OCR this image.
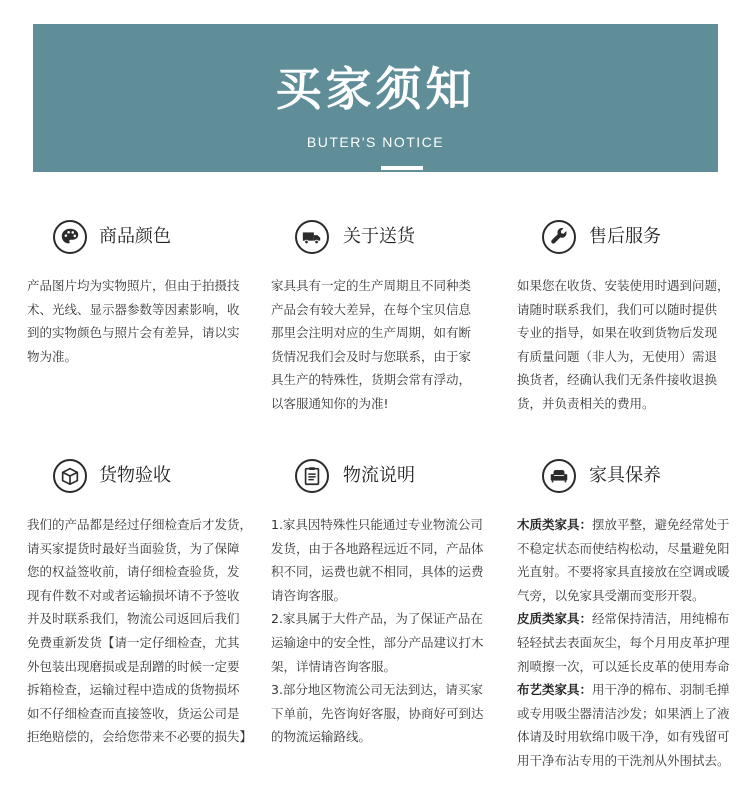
买家须知
BUTER'S NOTICE
商品颜色

产品图片均为实物照片，但由于拍摄技

术、光线、显示器参数等因素影响，收

到的实物颜色与照片会有差异，请以实

物为准。

关于送货

家具具有一定的生产周期且不同种类

产品会有较大差异，在每个宝贝信息

那里会注明对应的生产周期，如有断

货情况我们会及时与您联系，由于家

具生产的特殊性，货期会常有浮动，

以客服通知你的为准!

售后服务

如果您在收货、安装使用时遇到问题，

请随时联系我们，我们可以随时提供

专业的指导，如果在收到货物后发现

有质量问题（非人为，无使用）需退

换货者，经确认我们无条件接收退换

货，并负责相关的费用。

货物验收

我们的产品都是经过仔细检查后才发货，

请买家提货时最好当面验货，为了保障

您的权益签收前，请仔细检查验货，发

现有件数不对或者运输损坏请不予签收

并及时联系我们，物流公司返回后我们

免费重新发货【请一定仔细检查，尤其

外包装出现磨损或是刮蹭的时候一定要

拆箱检查，运输过程中造成的货物损坏

如不仔细检查而直接签收，货运公司是

拒绝赔偿的，会给您带来不必要的损失】

物流说明

1.家具因特殊性只能通过专业物流公司

发货，由于各地路程远近不同，产品体

积不同，运费也就不相同，具体的运费

请咨询客服。

2.家具属于大件产品，为了保证产品在

运输途中的安全性，部分产品建议打木

架，详情请咨询客服。

3.部分地区物流公司无法到达，请买家

下单前，先咨询好客服，协商好可到达

的物流运输路线。

家具保养

木质类家具：摆放平整，避免经常处于

不稳定状态而使结构松动，尽量避免阳

光直射。不要将家具直接放在空调或暖

气旁，以免家具受潮而变形开裂。

皮质类家具：经常保持清洁，用纯棉布

轻轻拭去表面灰尘，每个月用皮革护理

剂喷擦一次，可以延长皮革的使用寿命

布艺类家具：用干净的棉布、羽制毛掸

或专用吸尘器清洁沙发；如果洒上了液

体请及时用软绵巾吸干净，如有残留可

用干净布沾专用的干洗剂从外围拭去。
